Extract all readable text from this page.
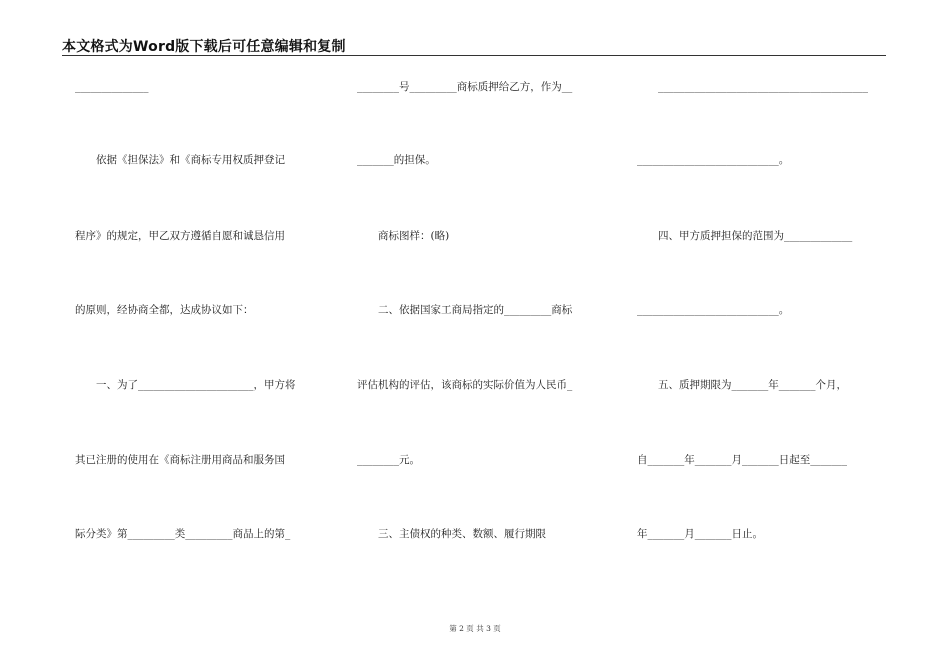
本文格式为Word版下载后可任意编辑和复制
______________
　　依据《担保法》和《商标专用权质押登记
程序》的规定，甲乙双方遵循自愿和诚恳信用
的原则，经协商全都，达成协议如下：
　　一、为了______________________，甲方将
其已注册的使用在《商标注册用商品和服务国
际分类》第_________类_________商品上的第_
________号_________商标质押给乙方，作为__
_______的担保。
　　商标图样：(略)
　　二、依据国家工商局指定的_________商标
评估机构的评估，该商标的实际价值为人民币_
________元。
　　三、主债权的种类、数额、履行期限
　　________________________________________
___________________________。
　　四、甲方质押担保的范围为_____________
___________________________。
　　五、质押期限为_______年_______个月，
自_______年_______月_______日起至_______
年_______月_______日止。
第 2 页 共 3 页
